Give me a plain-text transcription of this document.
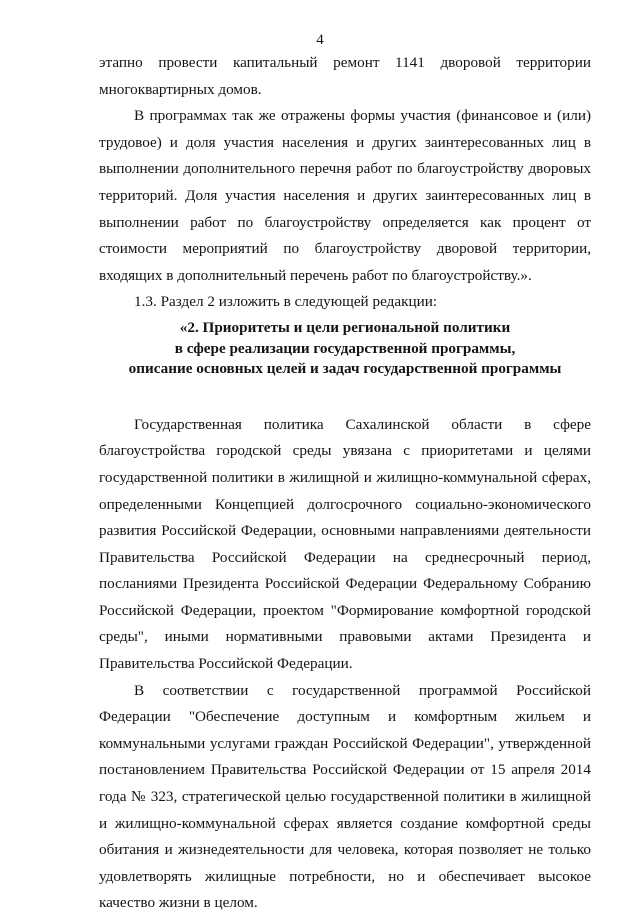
4

этапно провести капитальный ремонт 1141 дворовой территории многоквартирных домов.

В программах так же отражены формы участия (финансовое и (или) трудовое) и доля участия населения и других заинтересованных лиц в выполнении дополнительного перечня работ по благоустройству дворовых территорий. Доля участия населения и других заинтересованных лиц в выполнении работ по благоустройству определяется как процент от стоимости мероприятий по благоустройству дворовой территории, входящих в дополнительный перечень работ по благоустройству.».

1.3. Раздел 2 изложить в следующей редакции:

«2. Приоритеты и цели региональной политики
в сфере реализации государственной программы,
описание основных целей и задач государственной программы

Государственная политика Сахалинской области в сфере благоустройства городской среды увязана с приоритетами и целями государственной политики в жилищной и жилищно-коммунальной сферах, определенными Концепцией долгосрочного социально-экономического развития Российской Федерации, основными направлениями деятельности Правительства Российской Федерации на среднесрочный период, посланиями Президента Российской Федерации Федеральному Собранию Российской Федерации, проектом "Формирование комфортной городской среды", иными нормативными правовыми актами Президента и Правительства Российской Федерации.

В соответствии с государственной программой Российской Федерации "Обеспечение доступным и комфортным жильем и коммунальными услугами граждан Российской Федерации", утвержденной постановлением Правительства Российской Федерации от 15 апреля 2014 года № 323, стратегической целью государственной политики в жилищной и жилищно-коммунальной сферах является создание комфортной среды обитания и жизнедеятельности для человека, которая позволяет не только удовлетворять жилищные потребности, но и обеспечивает высокое качество жизни в целом.
